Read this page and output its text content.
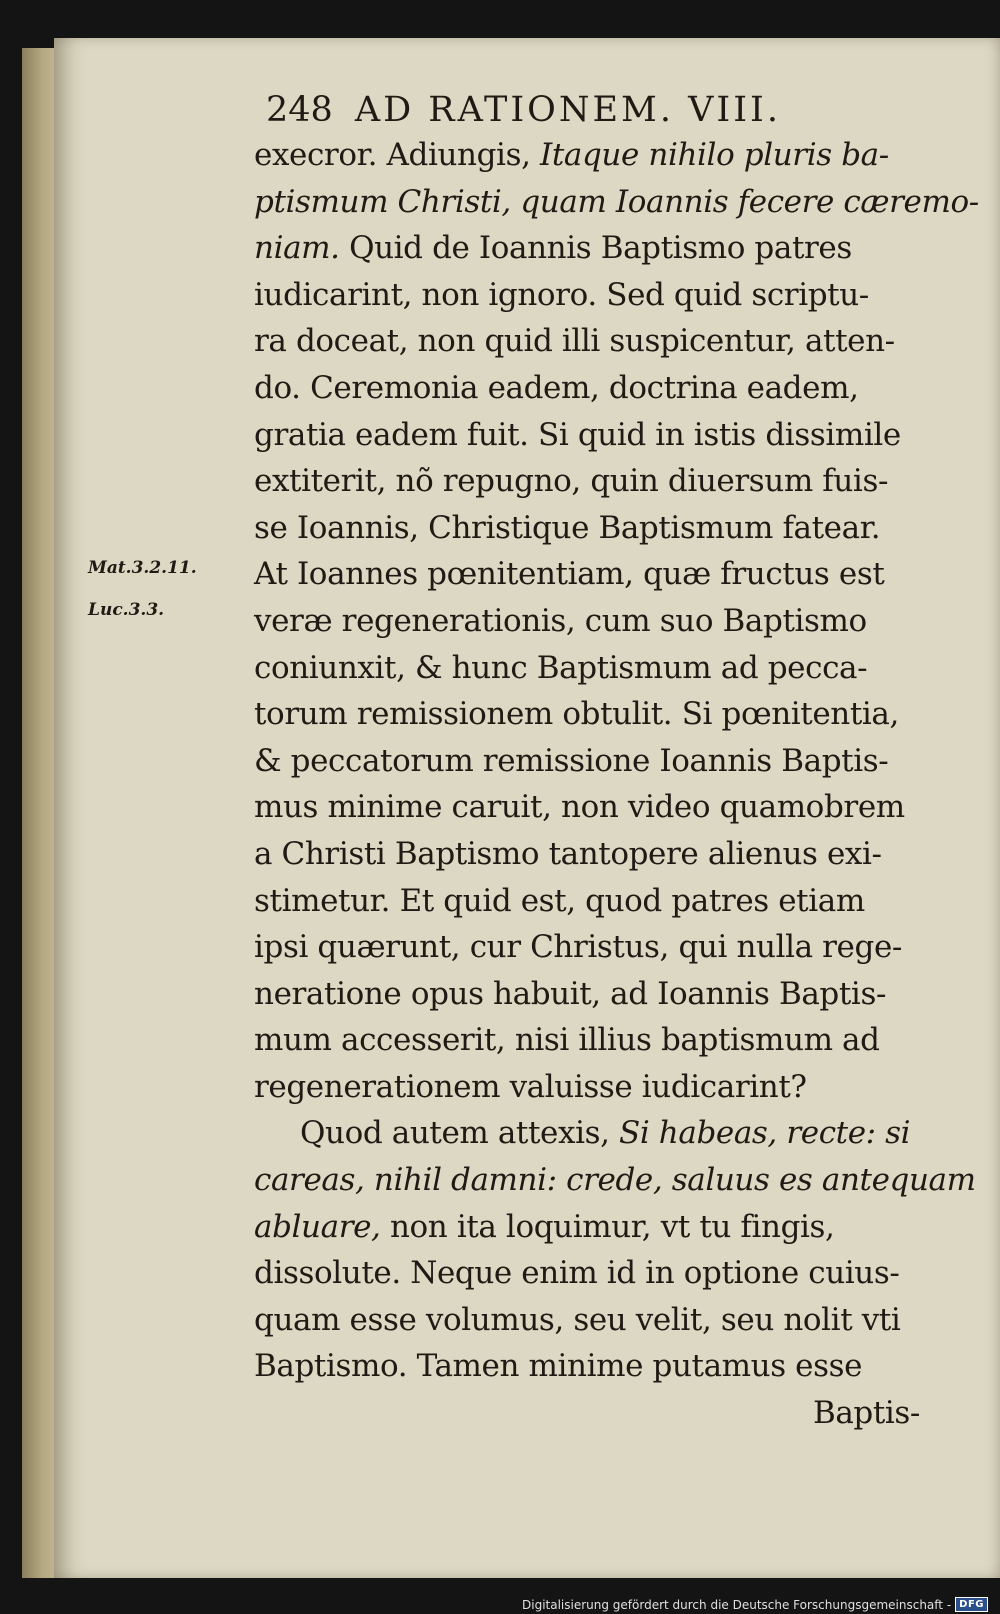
248 AD RATIONEM. VIII.
Mat.3.2.11.
Luc.3.3.
execror. Adiungis, Itaque nihilo pluris ba-
ptismum Christi, quam Ioannis fecere cæremo-
niam. Quid de Ioannis Baptismo patres
iudicarint, non ignoro. Sed quid scriptu-
ra doceat, non quid illi suspicentur, atten-
do. Ceremonia eadem, doctrina eadem,
gratia eadem fuit. Si quid in istis dissimile
extiterit, nõ repugno, quin diuersum fuis-
se Ioannis, Christique Baptismum fatear.
At Ioannes pœnitentiam, quæ fructus est
veræ regenerationis, cum suo Baptismo
coniunxit, & hunc Baptismum ad pecca-
torum remissionem obtulit. Si pœnitentia,
& peccatorum remissione Ioannis Baptis-
mus minime caruit, non video quamobrem
a Christi Baptismo tantopere alienus exi-
stimetur. Et quid est, quod patres etiam
ipsi quærunt, cur Christus, qui nulla rege-
neratione opus habuit, ad Ioannis Baptis-
mum accesserit, nisi illius baptismum ad
regenerationem valuisse iudicarint?
Quod autem attexis, Si habeas, recte: si
careas, nihil damni: crede, saluus es antequam
abluare, non ita loquimur, vt tu fingis,
dissolute. Neque enim id in optione cuius-
quam esse volumus, seu velit, seu nolit vti
Baptismo. Tamen minime putamus esse
Baptis-
Digitalisierung gefördert durch die Deutsche Forschungsgemeinschaft - DFG
